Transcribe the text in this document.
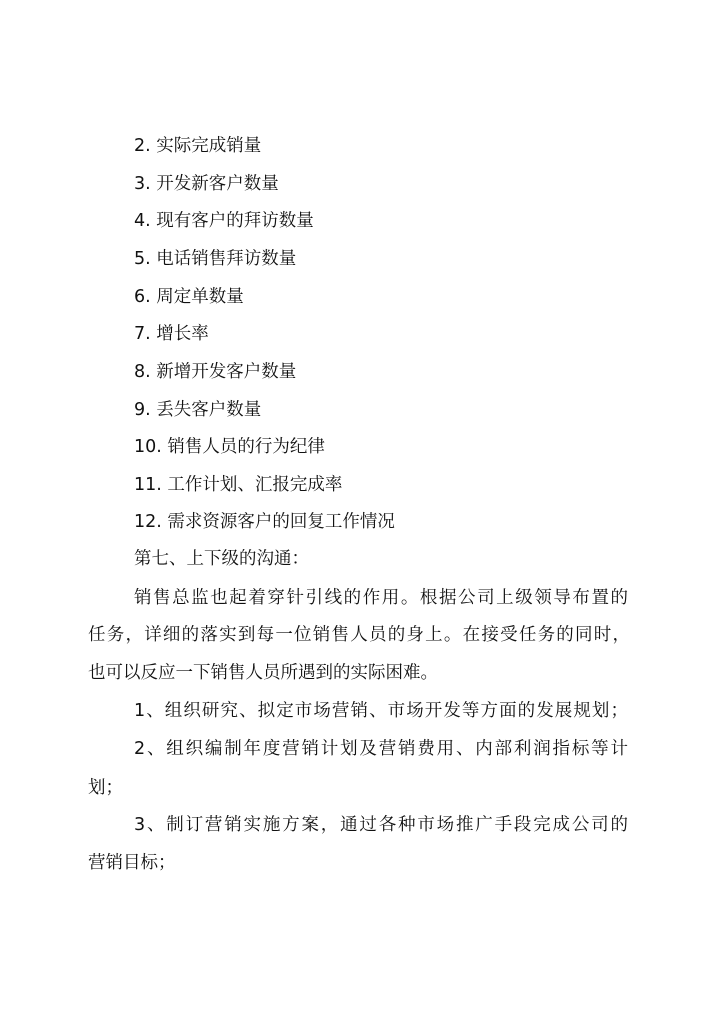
2. 实际完成销量
3. 开发新客户数量
4. 现有客户的拜访数量
5. 电话销售拜访数量
6. 周定单数量
7. 增长率
8. 新增开发客户数量
9. 丢失客户数量
10. 销售人员的行为纪律
11. 工作计划、汇报完成率
12. 需求资源客户的回复工作情况
第七、上下级的沟通：
销售总监也起着穿针引线的作用。根据公司上级领导布置的
任务，详细的落实到每一位销售人员的身上。在接受任务的同时，
也可以反应一下销售人员所遇到的实际困难。
1、组织研究、拟定市场营销、市场开发等方面的发展规划；
2、组织编制年度营销计划及营销费用、内部利润指标等计
划；
3、制订营销实施方案，通过各种市场推广手段完成公司的
营销目标；
